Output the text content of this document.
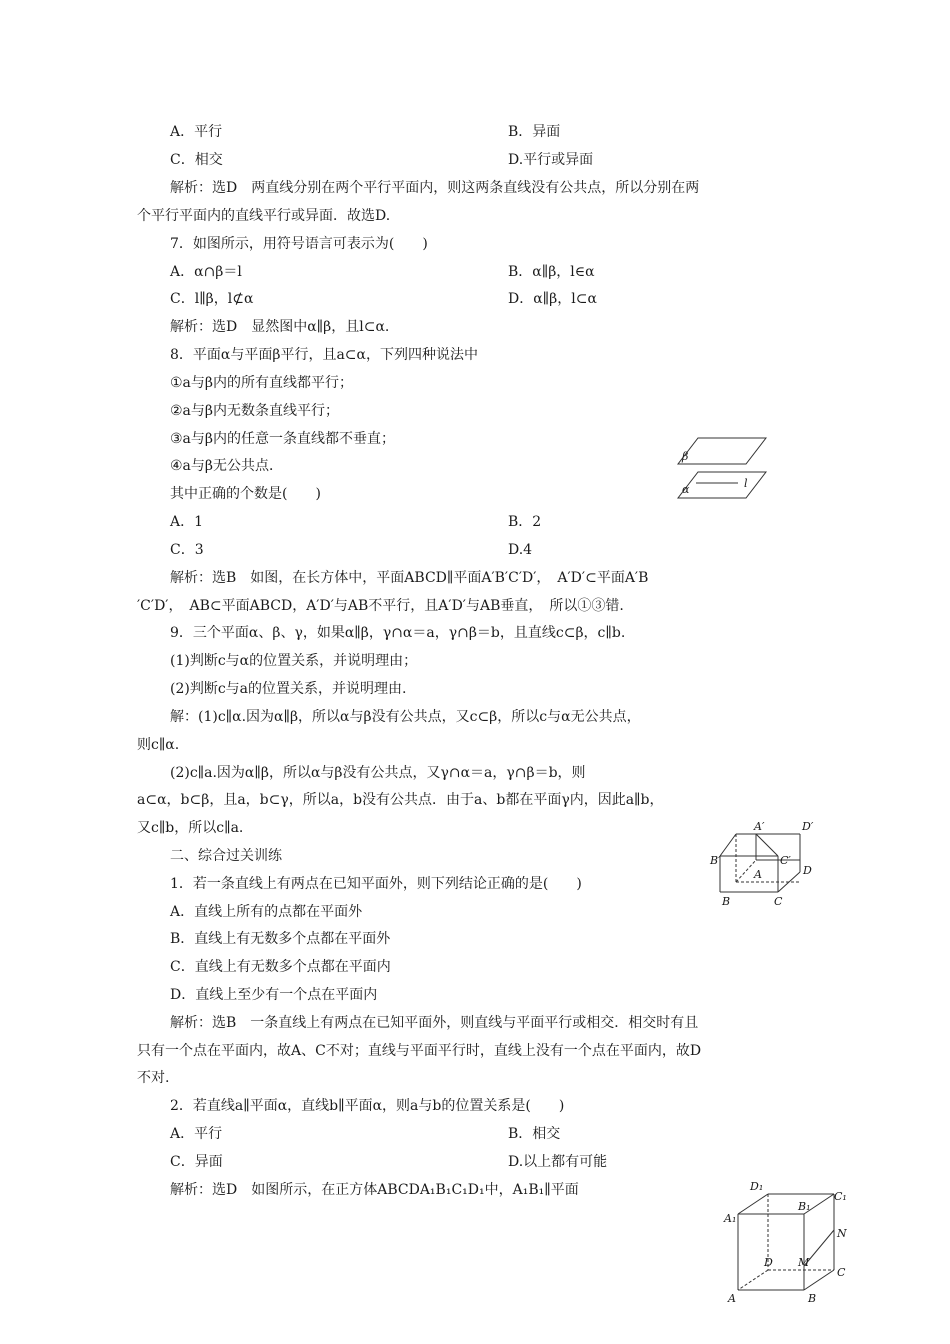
A．平行	B．异面
C．相交	D.平行或异面
解析：选D　两直线分别在两个平行平面内，则这两条直线没有公共点，所以分别在两
个平行平面内的直线平行或异面．故选D.
7．如图所示，用符号语言可表示为(　　)
A．α∩β＝l	B．α∥β，l∈α
C．l∥β，l⊄α	D．α∥β，l⊂α
解析：选D　显然图中α∥β，且l⊂α.
8．平面α与平面β平行，且a⊂α，下列四种说法中
①a与β内的所有直线都平行；
②a与β内无数条直线平行；
③a与β内的任意一条直线都不垂直；
④a与β无公共点．
其中正确的个数是(　　)
A．1	B．2
C．3	D.4
解析：选B　如图，在长方体中，平面ABCD∥平面A′B′C′D′，　A′D′⊂平面A′B
′C′D′，　AB⊂平面ABCD，A′D′与AB不平行，且A′D′与AB垂直，　所以①③错.
9．三个平面α、β、γ，如果α∥β，γ∩α＝a，γ∩β＝b，且直线c⊂β，c∥b.
(1)判断c与α的位置关系，并说明理由；
(2)判断c与a的位置关系，并说明理由.
解：(1)c∥α.因为α∥β，所以α与β没有公共点，又c⊂β，所以c与α无公共点，
则c∥α.
(2)c∥a.因为α∥β，所以α与β没有公共点，又γ∩α＝a，γ∩β＝b，则
a⊂α，b⊂β，且a，b⊂γ，所以a，b没有公共点．由于a、b都在平面γ内，因此a∥b，
又c∥b，所以c∥a.
二、综合过关训练
1．若一条直线上有两点在已知平面外，则下列结论正确的是(　　)
A．直线上所有的点都在平面外
B．直线上有无数多个点都在平面外
C．直线上有无数多个点都在平面内
D．直线上至少有一个点在平面内
解析：选B　一条直线上有两点在已知平面外，则直线与平面平行或相交．相交时有且
只有一个点在平面内，故A、C不对；直线与平面平行时，直线上没有一个点在平面内，故D
不对.
2．若直线a∥平面α，直线b∥平面α，则a与b的位置关系是(　　)
A．平行	B．相交
C．异面	D.以上都有可能
解析：选D　如图所示，在正方体ABCDA₁B₁C₁D₁中，A₁B₁∥平面
β
α	l
A′	D′
B′	C′
D
A
B	C
D₁
C₁
B₁
A₁
N
D M
C
A	B
